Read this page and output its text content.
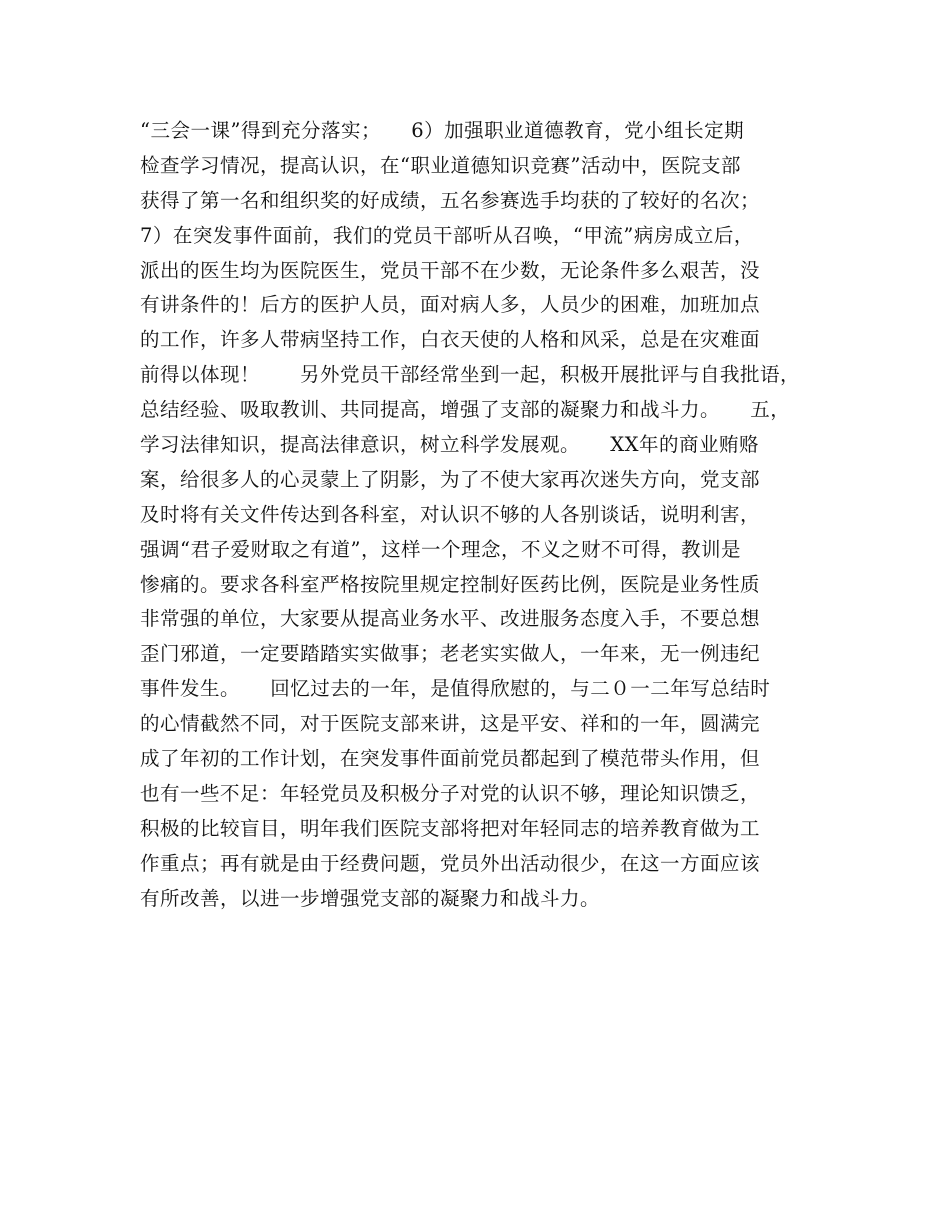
“三会一课”得到充分落实；　　6）加强职业道德教育，党小组长定期
检查学习情况，提高认识，在“职业道德知识竞赛”活动中，医院支部
获得了第一名和组织奖的好成绩，五名参赛选手均获的了较好的名次；
7）在突发事件面前，我们的党员干部听从召唤，“甲流”病房成立后，
派出的医生均为医院医生，党员干部不在少数，无论条件多么艰苦，没
有讲条件的！后方的医护人员，面对病人多，人员少的困难，加班加点
的工作，许多人带病坚持工作，白衣天使的人格和风采，总是在灾难面
前得以体现！　　另外党员干部经常坐到一起，积极开展批评与自我批语，
总结经验、吸取教训、共同提高，增强了支部的凝聚力和战斗力。　　五，
学习法律知识，提高法律意识，树立科学发展观。　　XX年的商业贿赂
案，给很多人的心灵蒙上了阴影，为了不使大家再次迷失方向，党支部
及时将有关文件传达到各科室，对认识不够的人各别谈话，说明利害，
强调“君子爱财取之有道”，这样一个理念，不义之财不可得，教训是
惨痛的。要求各科室严格按院里规定控制好医药比例，医院是业务性质
非常强的单位，大家要从提高业务水平、改进服务态度入手，不要总想
歪门邪道，一定要踏踏实实做事；老老实实做人，一年来，无一例违纪
事件发生。　　回忆过去的一年，是值得欣慰的，与二０一二年写总结时
的心情截然不同，对于医院支部来讲，这是平安、祥和的一年，圆满完
成了年初的工作计划，在突发事件面前党员都起到了模范带头作用，但
也有一些不足：年轻党员及积极分子对党的认识不够，理论知识馈乏，
积极的比较盲目，明年我们医院支部将把对年轻同志的培养教育做为工
作重点；再有就是由于经费问题，党员外出活动很少，在这一方面应该
有所改善，以进一步增强党支部的凝聚力和战斗力。
